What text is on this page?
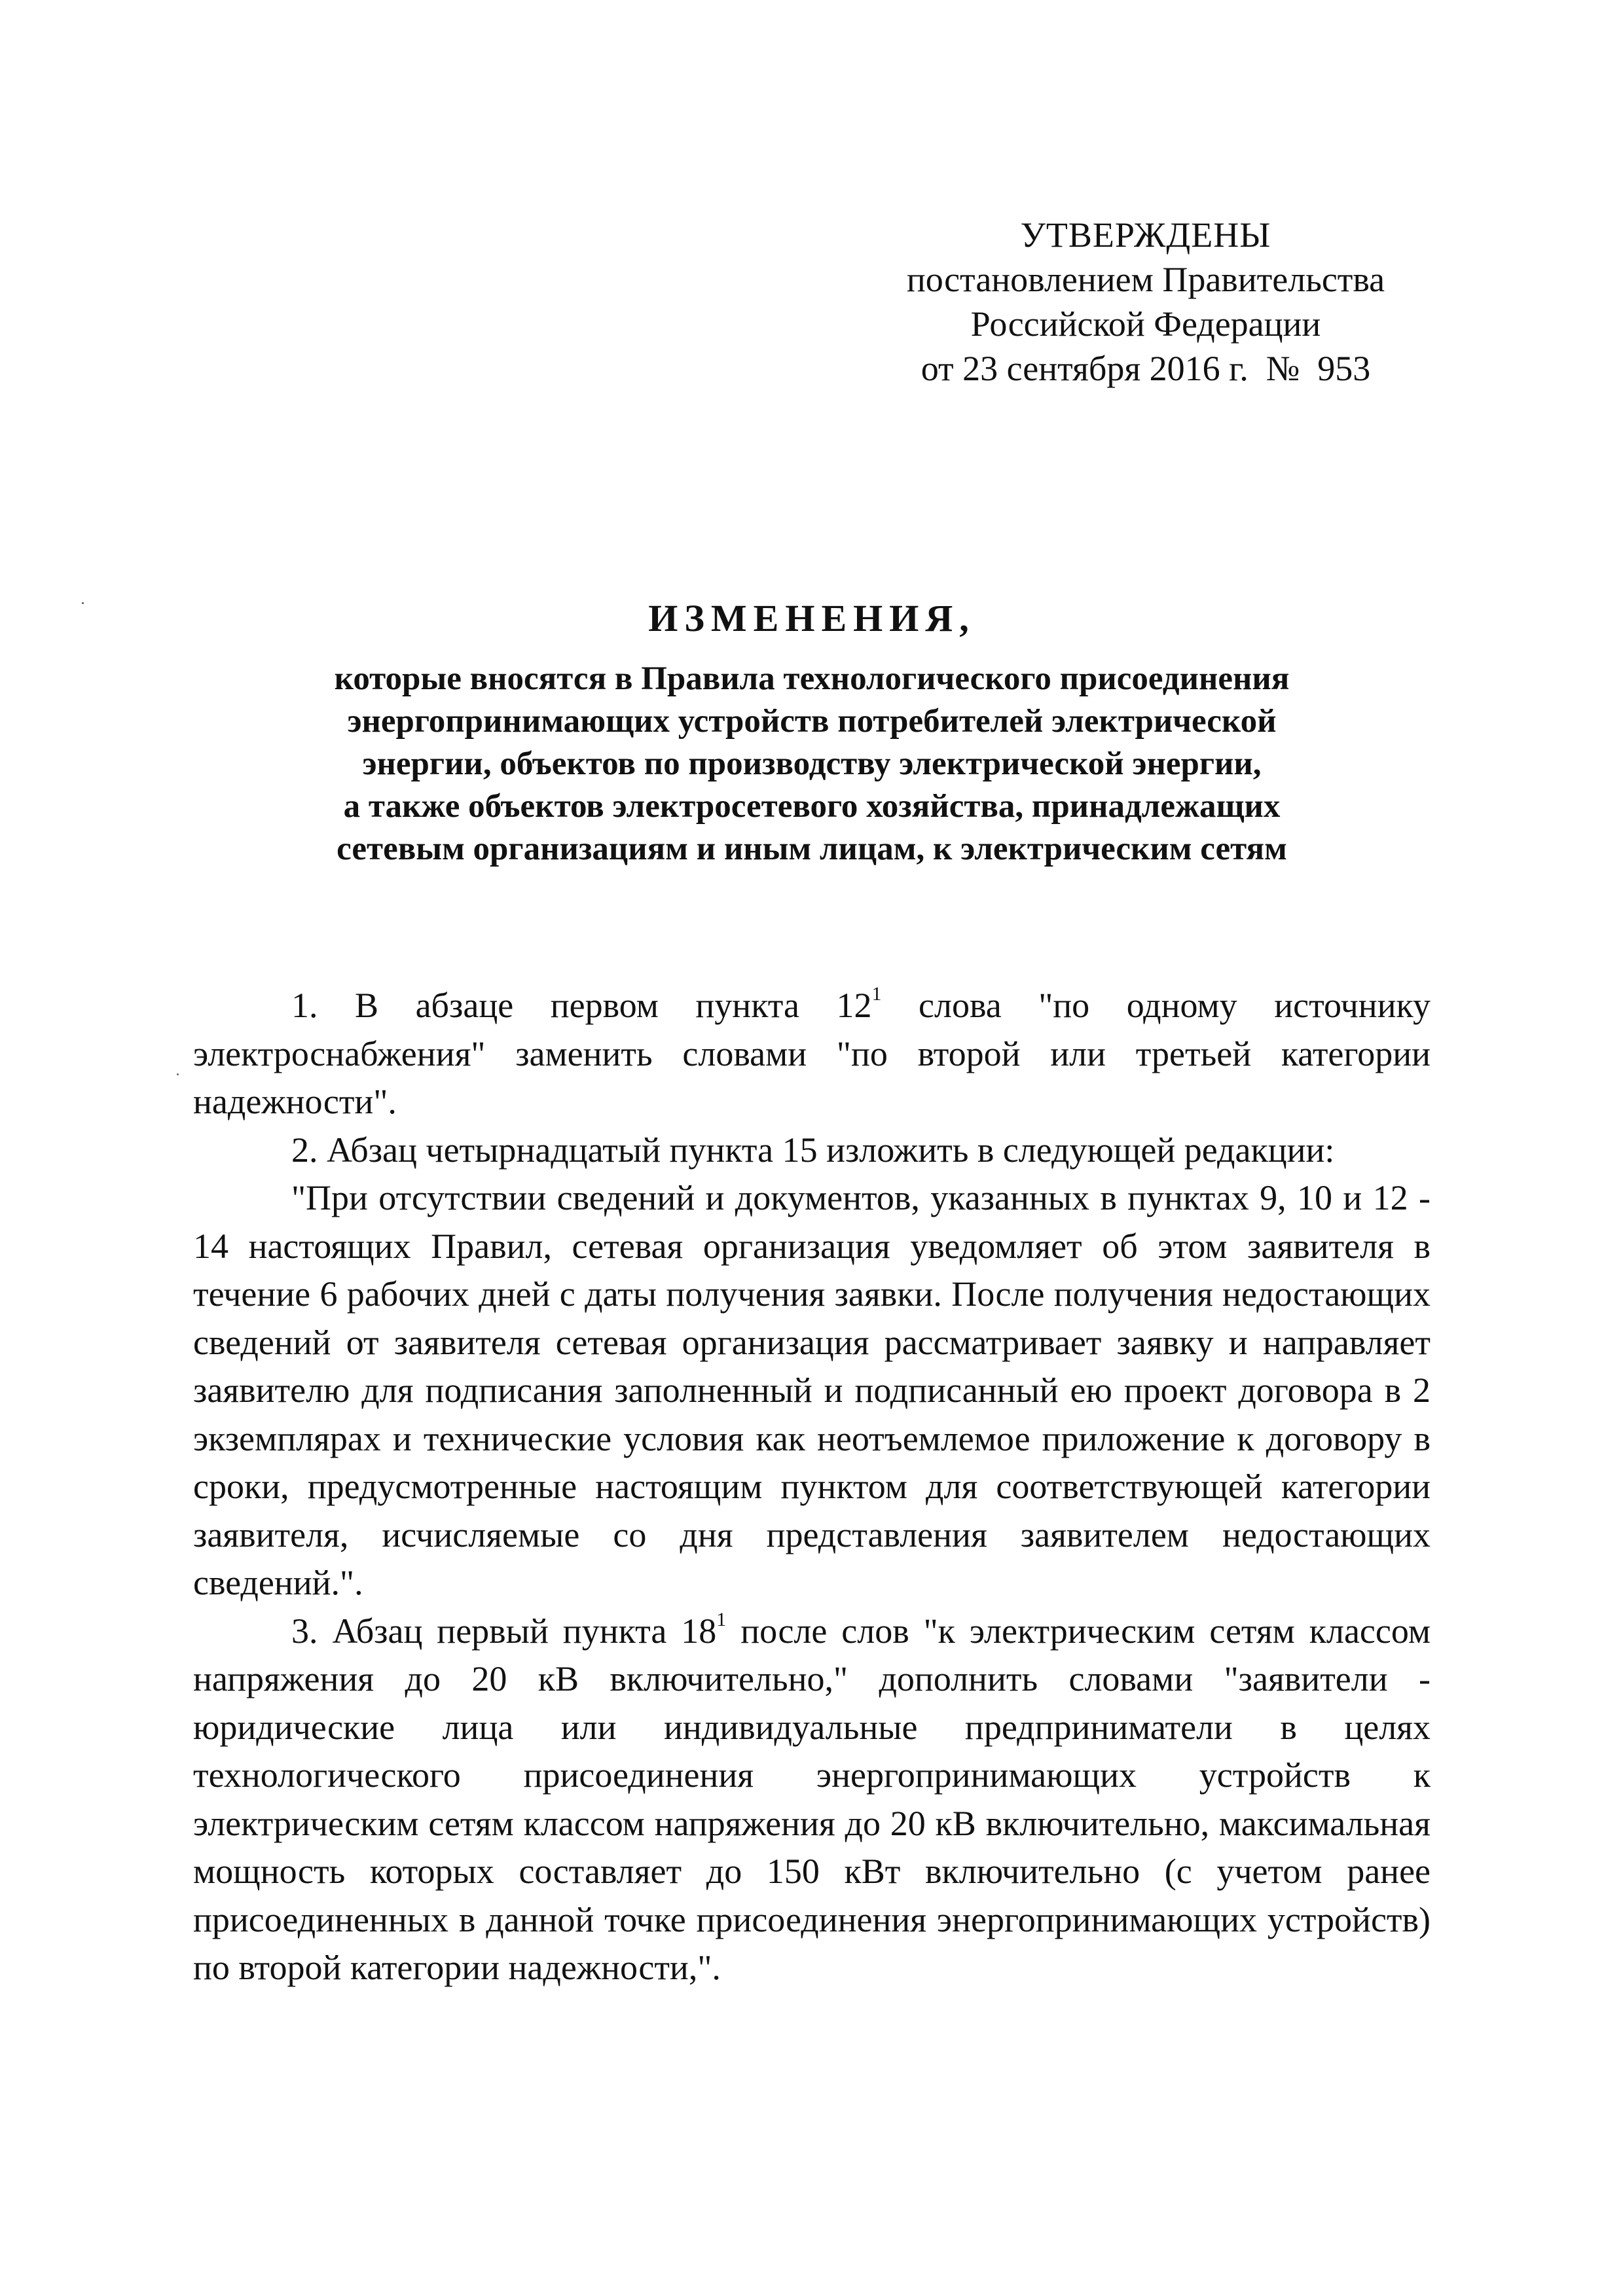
УТВЕРЖДЕНЫ
постановлением Правительства
Российской Федерации
от 23 сентября 2016 г.  №  953
ИЗМЕНЕНИЯ,
которые вносятся в Правила технологического присоединения
энергопринимающих устройств потребителей электрической
энергии, объектов по производству электрической энергии,
а также объектов электросетевого хозяйства, принадлежащих
сетевым организациям и иным лицам, к электрическим сетям

1. В абзаце первом пункта $12^1$ слова "по одному источнику электроснабжения" заменить словами "по второй или третьей категории надежности".

2. Абзац четырнадцатый пункта 15 изложить в следующей редакции:

"При отсутствии сведений и документов, указанных в пунктах 9, 10 и 12 - 14 настоящих Правил, сетевая организация уведомляет об этом заявителя в течение 6 рабочих дней с даты получения заявки. После получения недостающих сведений от заявителя сетевая организация рассматривает заявку и направляет заявителю для подписания заполненный и подписанный ею проект договора в 2 экземплярах и технические условия как неотъемлемое приложение к договору в сроки, предусмотренные настоящим пунктом для соответствующей категории заявителя, исчисляемые со дня представления заявителем недостающих сведений.".

3. Абзац первый пункта $18^1$ после слов "к электрическим сетям классом напряжения до 20 кВ включительно," дополнить словами "заявители - юридические лица или индивидуальные предприниматели в целях технологического присоединения энергопринимающих устройств к электрическим сетям классом напряжения до 20 кВ включительно, максимальная мощность которых составляет до 150 кВт включительно (с учетом ранее присоединенных в данной точке присоединения энергопринимающих устройств) по второй категории надежности,".
